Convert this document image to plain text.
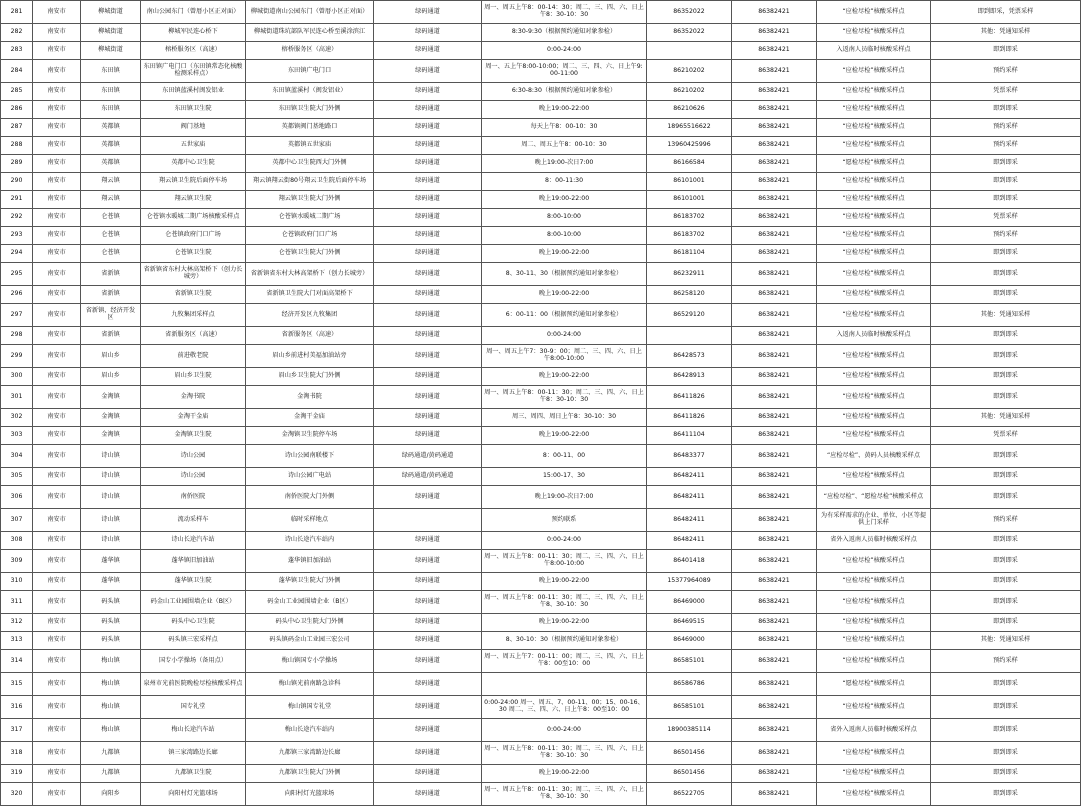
281	南安市	柳城街道	南山公园东门（曾厝小区正对面）	柳城街道南山公园东门（曾厝小区正对面）	绿码通道	周一、周五上午8：00-14：30；周二、三、四、六、日上午8：30-10：30	86352022	86382421	“应检尽检”核酸采样点	即到即采，凭票采样
282	南安市	柳城街道	柳城军民连心桥下	柳城街道珠坑部队军民连心桥至溪涂滨江	绿码通道	8:30-9:30（根据预约通知对象参检）	86352022	86382421	“应检尽检”核酸采样点	其他：凭通知采样
283	南安市	柳城街道	榕桥服务区（高速）	榕桥服务区（高速）	绿码通道	0:00-24:00		86382421	入返南人员临时核酸采样点	即到即采
284	南安市	东田镇	东田镇广电门口（东田镇常态化核酸检测采样点）	东田镇广电门口	绿码通道	周一、五上午8:00-10:00；周二、三、四、六、日上午9:00-11:00	86210202	86382421	“应检尽检”核酸采样点	预约采样
285	南安市	东田镇	东田镇蓝溪村闽发铝业	东田镇蓝溪村（闽发铝业）	绿码通道	6:30-8:30（根据预约通知对象参检）	86210202	86382421	“应检尽检”核酸采样点	凭票采样
286	南安市	东田镇	东田镇卫生院	东田镇卫生院大门外侧	绿码通道	晚上19:00-22:00	86210626	86382421	“应检尽检”核酸采样点	即到即采
287	南安市	英都镇	阀门基地	英都镇阀门基地路口	绿码通道	每天上午8：00-10：30	18965516622	86382421	“应检尽检”核酸采样点	预约采样
288	南安市	英都镇	五世家庙	英都镇五世家庙	绿码通道	周二、周五上午8：00-10：30	13960425996	86382421	“应检尽检”核酸采样点	预约采样
289	南安市	英都镇	英都中心卫生院	英都中心卫生院西大门外侧	绿码通道	晚上19:00-次日7:00	86166584	86382421	“愿检尽检”核酸采样点	即到即采
290	南安市	翔云镇	翔云镇卫生院后面停车场	翔云镇翔云街80号翔云卫生院后面停车场	绿码通道	8：00-11:30	86101001	86382421	“应检尽检”核酸采样点	即到即采
291	南安市	翔云镇	翔云镇卫生院	翔云镇卫生院大门外侧	绿码通道	晚上19:00-22:00	86101001	86382421	“应检尽检”核酸采样点	即到即采
292	南安市	仑苍镇	仑苍镇水暖城二期广场核酸采样点	仑苍镇水暖城二期广场	绿码通道	8:00-10:00	86183702	86382421	“应检尽检”核酸采样点	凭票采样
293	南安市	仑苍镇	仑苍镇政府门口广场	仑苍镇政府门口广场	绿码通道	8:00-10:00	86183702	86382421	“应检尽检”核酸采样点	预约采样
294	南安市	仑苍镇	仑苍镇卫生院	仑苍镇卫生院大门外侧	绿码通道	晚上19:00-22:00	86181104	86382421	“应检尽检”核酸采样点	即到即采
295	南安市	省新镇	省新镇省东村大林高架桥下（创力长城旁）	省新镇省东村大林高架桥下（创力长城旁）	绿码通道	8、30-11、30（根据预约通知对象参检）	86232911	86382421	“应检尽检”核酸采样点	即到即采
296	南安市	省新镇	省新镇卫生院	省新镇卫生院大门对面高架桥下	绿码通道	晚上19:00-22:00	86258120	86382421	“应检尽检”核酸采样点	即到即采
297	南安市	省新镇、经济开发区	九牧集团采样点	经济开发区九牧集团	绿码通道	6：00-11：00（根据预约通知对象参检）	86529120	86382421	“应检尽检”核酸采样点	其他：凭通知采样
298	南安市	省新镇	省新服务区（高速）	省新服务区（高速）	绿码通道	0:00-24:00		86382421	入返南人员临时核酸采样点	即到即采
299	南安市	眉山乡	前进敬老院	眉山乡前进村美福加油站旁	绿码通道	周一、周五上午7：30-9：00；周二、三、四、六、日上午8:00-10:00	86428573	86382421	“应检尽检”核酸采样点	即到即采
300	南安市	眉山乡	眉山乡卫生院	眉山乡卫生院大门外侧	绿码通道	晚上19:00-22:00	86428913	86382421	“应检尽检”核酸采样点	即到即采
301	南安市	金淘镇	金淘书院	金淘书院	绿码通道	周一、周五上午8：00-11：30；周二、三、四、六、日上午8：30-10：30	86411826	86382421	“应检尽检”核酸采样点	即到即采
302	南安市	金淘镇	金淘干金庙	金淘干金庙	绿码通道	周三、周四、周日上午8：30-10：30	86411826	86382421	“应检尽检”核酸采样点	其他：凭通知采样
303	南安市	金淘镇	金淘镇卫生院	金淘镇卫生院停车场	绿码通道	晚上19:00-22:00	86411104	86382421	“应检尽检”核酸采样点	凭票采样
304	南安市	诗山镇	诗山公园	诗山公园南联楼下	绿码通道/黄码通道	8：00-11、00	86483377	86382421	“应检尽检”、黄码人员核酸采样点	即到即采
305	南安市	诗山镇	诗山公园	诗山公园广电站	绿码通道/黄码通道	15:00-17、30	86482411	86382421	“应检尽检”核酸采样点	即到即采
306	南安市	诗山镇	南侨医院	南侨医院大门外侧	绿码通道	晚上19:00-次日7:00	86482411	86382421	“应检尽检”、“愿检尽检”核酸采样点	即到即采
307	南安市	诗山镇	流动采样车	临时采样地点		预约联系	86482411	86382421	为有采样需求的企业、单位、小区等提供上门采样	预约采样
308	南安市	诗山镇	诗山长途汽车站	诗山长途汽车站内	绿码通道	0:00-24:00	86482411	86382421	省外入返南人员临时核酸采样点	即到即采
309	南安市	蓬华镇	蓬华镇旧加油站	蓬华镇旧加油站	绿码通道	周一、周五上午8：00-11：30；周二、三、四、六、日上午8:00-10:00	86401418	86382421	“应检尽检”核酸采样点	即到即采
310	南安市	蓬华镇	蓬华镇卫生院	蓬华镇卫生院大门外侧	绿码通道	晚上19:00-22:00	15377964089	86382421	“应检尽检”核酸采样点	即到即采
311	南安市	码头镇	码金山工业园围墙企业（B区）	码金山工业园围墙企业（B区）	绿码通道	周一、周五上午8：00-11：30；周二、三、四、六、日上午8、30-10：30	86469000	86382421	“应检尽检”核酸采样点	即到即采
312	南安市	码头镇	码头中心卫生院	码头中心卫生院大门外侧	绿码通道	晚上19:00-22:00	86469515	86382421	“应检尽检”核酸采样点	即到即采
313	南安市	码头镇	码头镇三宏采样点	码头镇码金山工业园三宏公司	绿码通道	8、30-10：30（根据预约通知对象参检）	86469000	86382421	“应检尽检”核酸采样点	其他：凭通知采样
314	南安市	梅山镇	国专小学操场（备用点）	梅山镇国专小学操场	绿码通道	周一、周五上午7：00-11：00；周二、三、四、六、日上午8：00至10：00	86585101	86382421	“应检尽检”核酸采样点	预约采样
315	南安市	梅山镇	泉州市光前医院晚检尽检核酸采样点	梅山镇光前南路急诊科	绿码通道		86586786	86382421	“愿检尽检”核酸采样点	即到即采
316	南安市	梅山镇	国专礼堂	梅山镇国专礼堂	绿码通道	0:00-24:00 周一、周五、7、00-11、00；15、00-16、30 周二、三、四、六、日上午8：00至10：00	86585101	86382421	“应检尽检”核酸采样点	即到即采
317	南安市	梅山镇	梅山长途汽车站	梅山长途汽车站内	绿码通道	0:00-24:00	18900385114	86382421	省外入返南人员临时核酸采样点	即到即采
318	南安市	九都镇	镇三家湾路边长廊	九都镇三家湾路边长廊	绿码通道	周一、周五上午8：00-11：30；周二、三、四、六、日上午8：30-10：30	86501456	86382421	“应检尽检”核酸采样点	即到即采
319	南安市	九都镇	九都镇卫生院	九都镇卫生院大门外侧	绿码通道	晚上19:00-22:00	86501456	86382421	“应检尽检”核酸采样点	即到即采
320	南安市	向阳乡	向阳村灯光篮球场	向阳村灯光篮球场	绿码通道	周一、周五上午8：00-11：30；周二、三、四、六、日上午8、30-10：30	86522705	86382421	“应检尽检”核酸采样点	即到即采
